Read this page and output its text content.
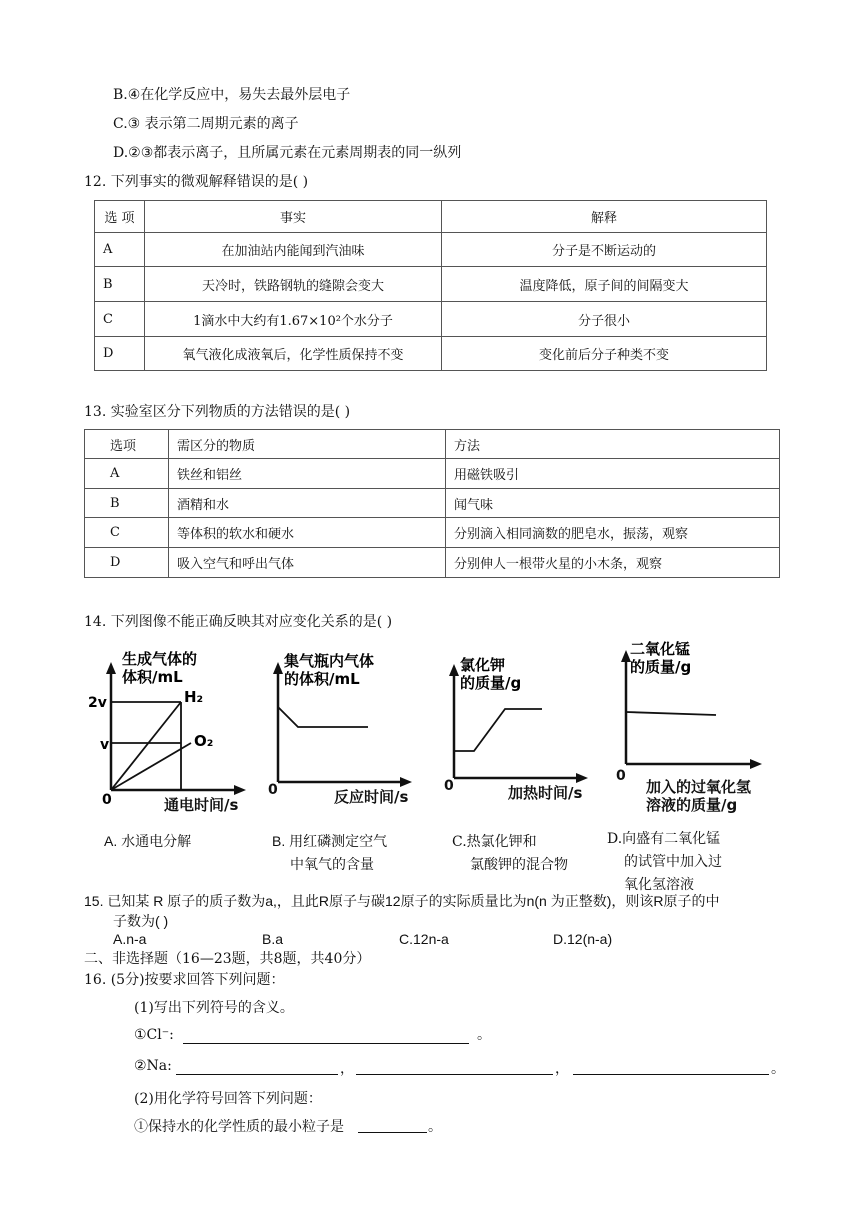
B.④在化学反应中，易失去最外层电子
C.③ 表示第二周期元素的离子
D.②③都表示离子，且所属元素在元素周期表的同一纵列
12. 下列事实的微观解释错误的是( )
选 项	事实	解释
A	在加油站内能闻到汽油味	分子是不断运动的
B	天冷时，铁路钢轨的缝隙会变大	温度降低，原子间的间隔变大
C	1滴水中大约有1.67×10²个水分子	分子很小
D	氧气液化成液氧后，化学性质保持不变	变化前后分子种类不变
13. 实验室区分下列物质的方法错误的是( )
选项	需区分的物质	方法
A	铁丝和铝丝	用磁铁吸引
B	酒精和水	闻气味
C	等体积的软水和硬水	分别滴入相同滴数的肥皂水，振荡，观察
D	吸入空气和呼出气体	分别伸人一根带火星的小木条，观察
14. 下列图像不能正确反映其对应变化关系的是( )
生成气体的
体积/mL
0
2v
v
H₂
O₂
通电时间/s
集气瓶内气体
的体积/mL
反应时间/s
0
氯化钾
的质量/g
加热时间/s
0
二氧化锰
的质量/g
0
加入的过氧化氢
溶液的质量/g
A. 水通电分解	B. 用红磷测定空气
中氧气的含量
C.热氯化钾和
氯酸钾的混合物
D.向盛有二氧化锰
的试管中加入过
氧化氢溶液
15. 已知某 R 原子的质子数为a,，且此R原子与碳12原子的实际质量比为n(n 为正整数)，则该R原子的中
子数为( )
A.n-a	B.a	C.12n-a	D.12(n-a)
二、非选择题（16—23题，共8题，共40分）
16. (5分)按要求回答下列问题：
(1)写出下列符号的含义。
①Cl⁻:	。
②Na:	，	，	。
(2)用化学符号回答下列问题：
①保持水的化学性质的最小粒子是	。
